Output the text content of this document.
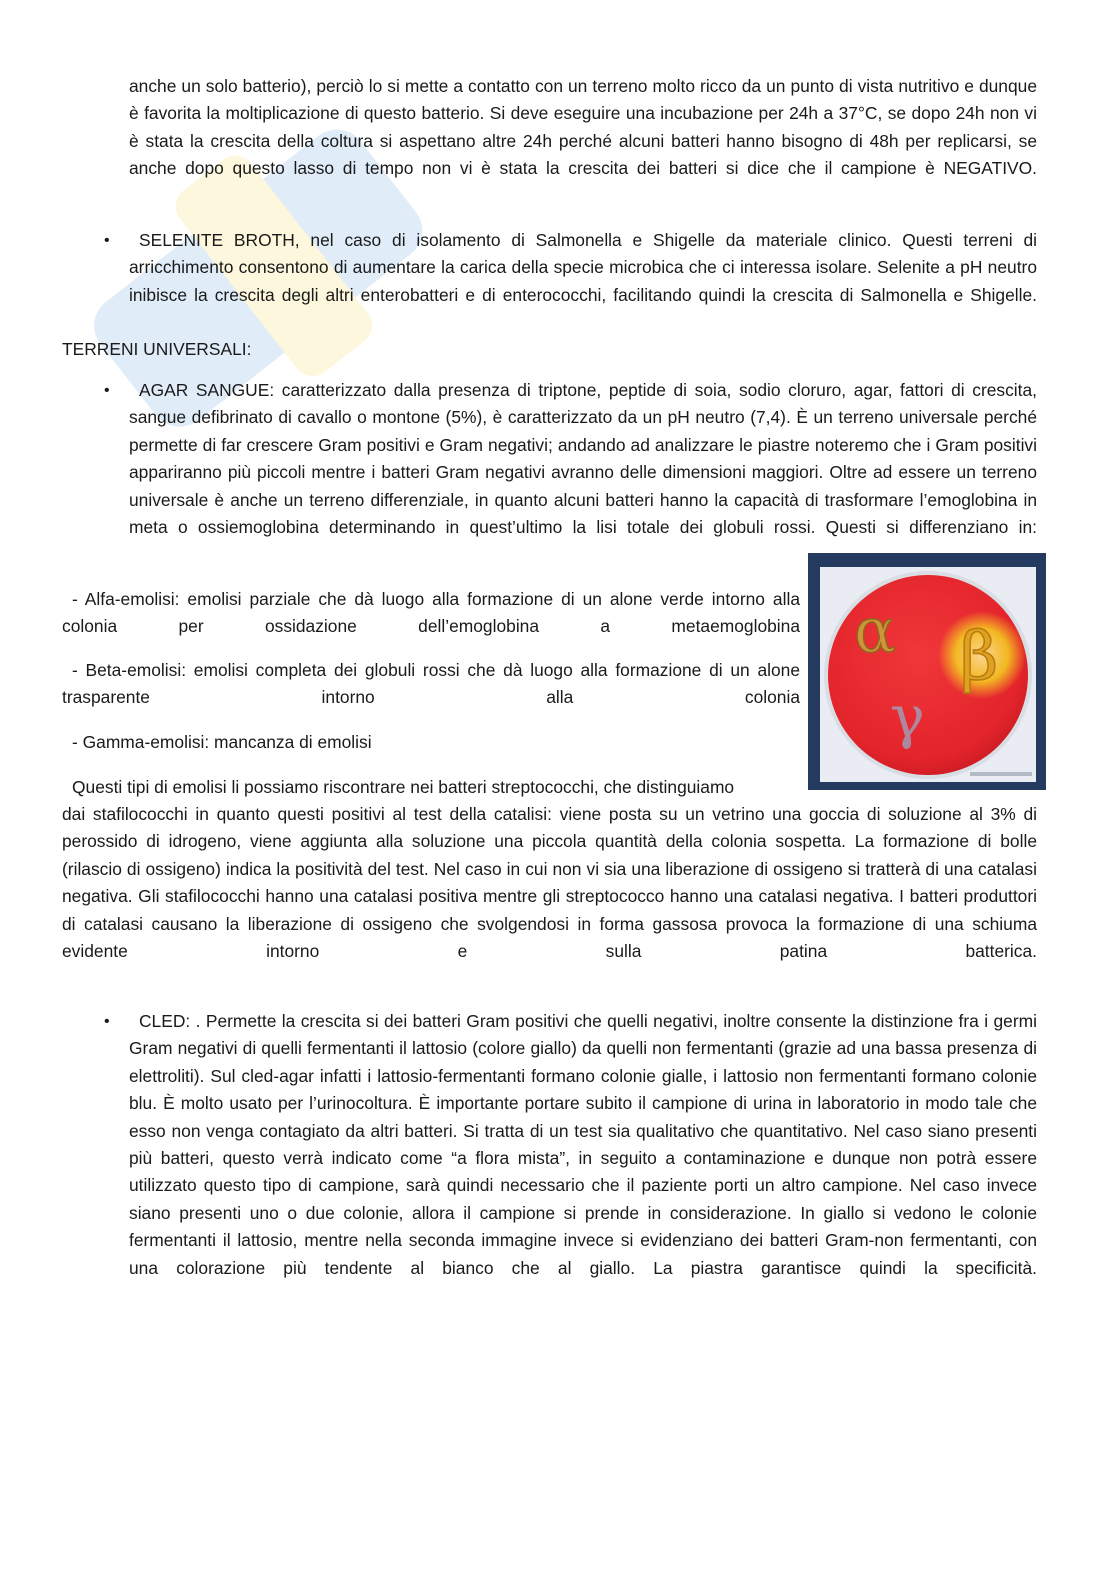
anche un solo batterio), perciò lo si mette a contatto con un terreno molto ricco da un punto di vista nutritivo e dunque è favorita la moltiplicazione di questo batterio. Si deve eseguire una incubazione per 24h a 37°C, se dopo 24h non vi è stata la crescita della coltura si aspettano altre 24h perché alcuni batteri hanno bisogno di 48h per replicarsi, se anche dopo questo lasso di tempo non vi è stata la crescita dei batteri si dice che il campione è NEGATIVO.

•	SELENITE BROTH, nel caso di isolamento di Salmonella e Shigelle da materiale clinico. Questi terreni di arricchimento consentono di aumentare la carica della specie microbica che ci interessa isolare. Selenite a pH neutro inibisce la crescita degli altri enterobatteri e di enterococchi, facilitando quindi la crescita di Salmonella e Shigelle.

TERRENI UNIVERSALI:

•	AGAR SANGUE: caratterizzato dalla presenza di triptone, peptide di soia, sodio cloruro, agar, fattori di crescita, sangue defibrinato di cavallo o montone (5%), è caratterizzato da un pH neutro (7,4). È un terreno universale perché permette di far crescere Gram positivi e Gram negativi; andando ad analizzare le piastre noteremo che i Gram positivi appariranno più piccoli mentre i batteri Gram negativi avranno delle dimensioni maggiori. Oltre ad essere un terreno universale è anche un terreno differenziale, in quanto alcuni batteri hanno la capacità di trasformare l’emoglobina in meta o ossiemoglobina determinando in quest’ultimo la lisi totale dei globuli rossi. Questi si differenziano in:

- Alfa-emolisi: emolisi parziale che dà luogo alla formazione di un alone verde intorno alla colonia per ossidazione dell’emoglobina a metaemoglobina

- Beta-emolisi: emolisi completa dei globuli rossi che dà luogo alla formazione di un alone trasparente intorno alla colonia

- Gamma-emolisi: mancanza di emolisi

Questi tipi di emolisi li possiamo riscontrare nei batteri streptococchi, che distinguiamo

dai stafilococchi in quanto questi positivi al test della catalisi: viene posta su un vetrino una goccia di soluzione al 3% di perossido di idrogeno, viene aggiunta alla soluzione una piccola quantità della colonia sospetta. La formazione di bolle (rilascio di ossigeno) indica la positività del test. Nel caso in cui non vi sia una liberazione di ossigeno si tratterà di una catalasi negativa. Gli stafilococchi hanno una catalasi positiva mentre gli streptococco hanno una catalasi negativa. I batteri produttori di catalasi causano la liberazione di ossigeno che svolgendosi in forma gassosa provoca la formazione di una schiuma evidente intorno e sulla patina batterica.

•	CLED: . Permette la crescita si dei batteri Gram positivi che quelli negativi, inoltre consente la distinzione fra i germi Gram negativi di quelli fermentanti il lattosio (colore giallo) da quelli non fermentanti (grazie ad una bassa presenza di elettroliti). Sul cled-agar infatti i lattosio-fermentanti formano colonie gialle, i lattosio non fermentanti formano colonie blu. È molto usato per l’urinocoltura. È importante portare subito il campione di urina in laboratorio in modo tale che esso non venga contagiato da altri batteri. Si tratta di un test sia qualitativo che quantitativo. Nel caso siano presenti più batteri, questo verrà indicato come “a flora mista”, in seguito a contaminazione e dunque non potrà essere utilizzato questo tipo di campione, sarà quindi necessario che il paziente porti un altro campione. Nel caso invece siano presenti uno o due colonie, allora il campione si prende in considerazione. In giallo si vedono le colonie fermentanti il lattosio, mentre nella seconda immagine invece si evidenziano dei batteri Gram-non fermentanti, con una colorazione più tendente al bianco che al giallo. La piastra garantisce quindi la specificità.

α β
γ
